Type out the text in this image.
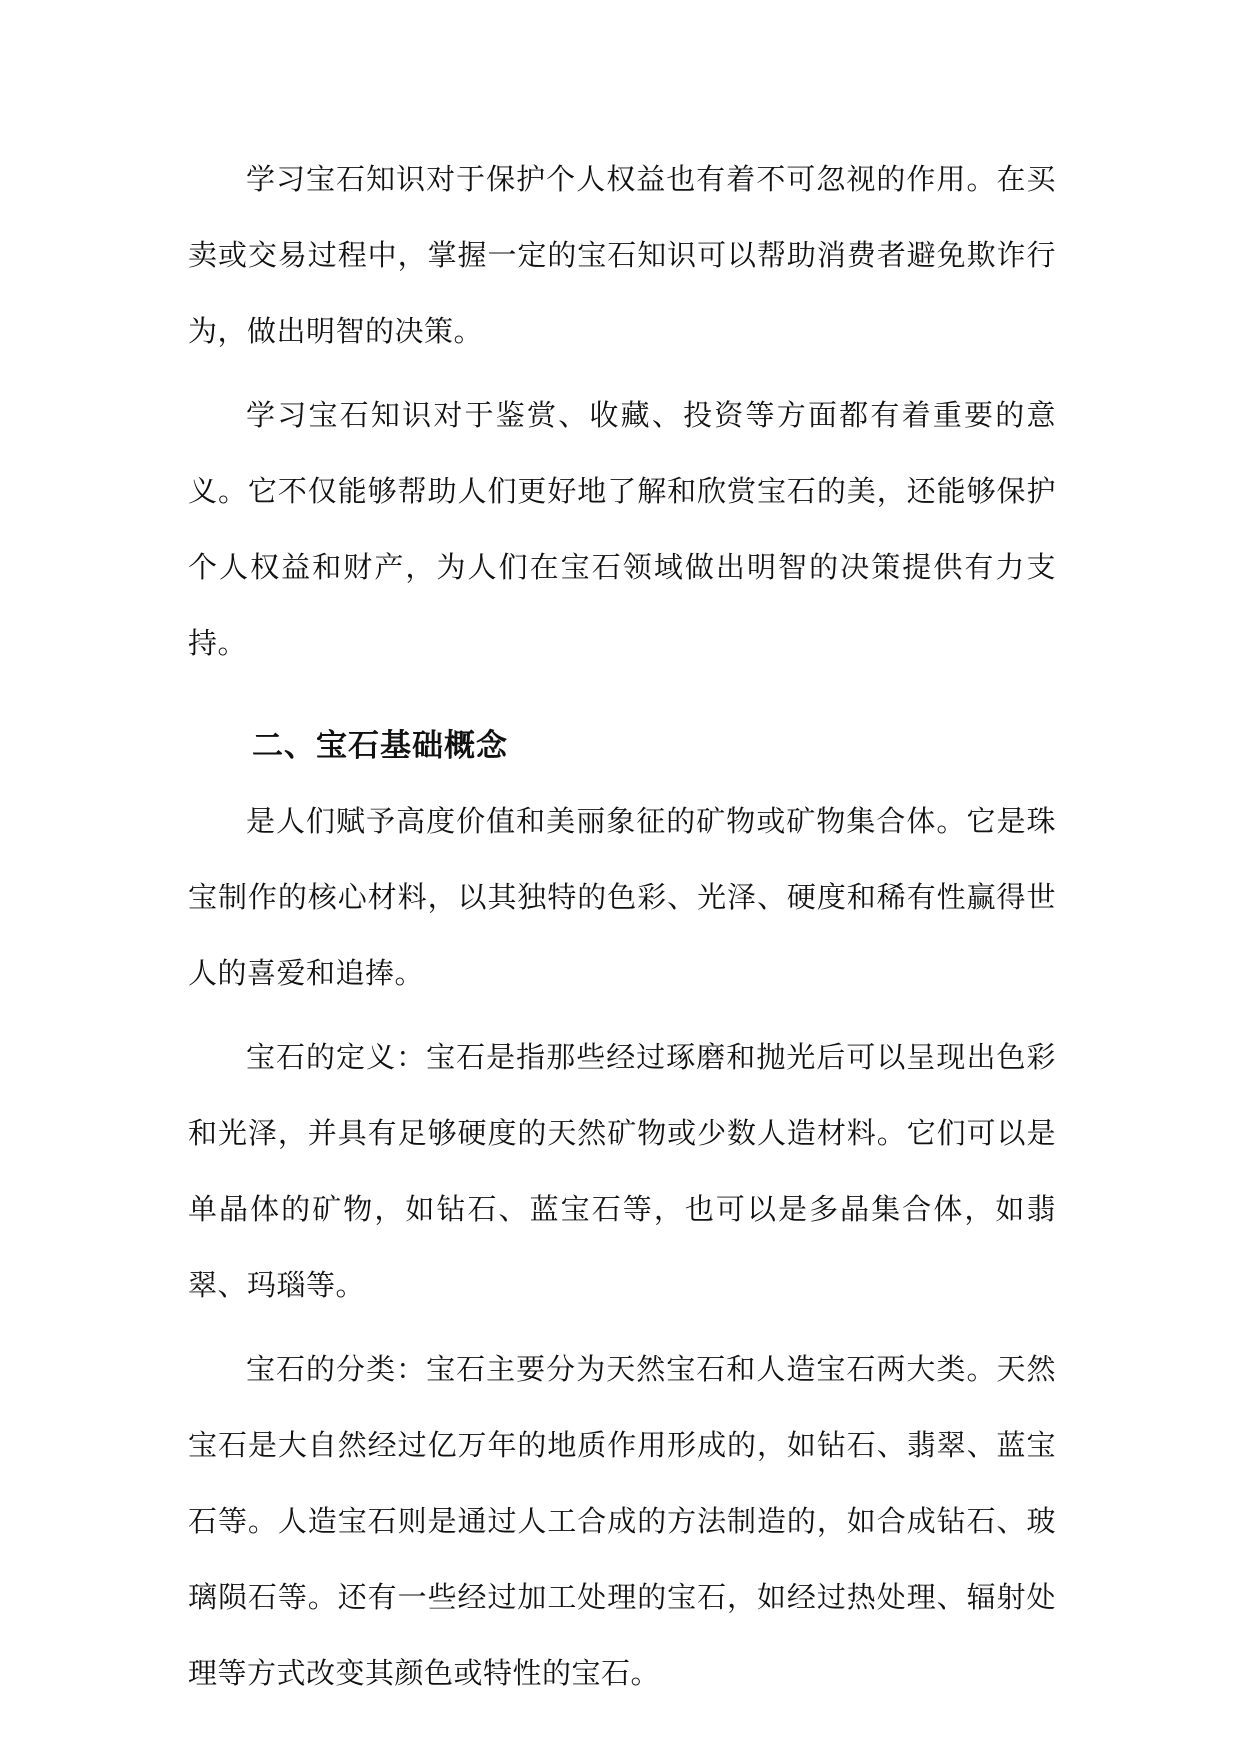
学习宝石知识对于保护个人权益也有着不可忽视的作用。在买卖或交易过程中，掌握一定的宝石知识可以帮助消费者避免欺诈行为，做出明智的决策。

学习宝石知识对于鉴赏、收藏、投资等方面都有着重要的意义。它不仅能够帮助人们更好地了解和欣赏宝石的美，还能够保护个人权益和财产，为人们在宝石领域做出明智的决策提供有力支持。

二、宝石基础概念

是人们赋予高度价值和美丽象征的矿物或矿物集合体。它是珠宝制作的核心材料，以其独特的色彩、光泽、硬度和稀有性赢得世人的喜爱和追捧。

宝石的定义：宝石是指那些经过琢磨和抛光后可以呈现出色彩和光泽，并具有足够硬度的天然矿物或少数人造材料。它们可以是单晶体的矿物，如钻石、蓝宝石等，也可以是多晶集合体，如翡翠、玛瑙等。

宝石的分类：宝石主要分为天然宝石和人造宝石两大类。天然宝石是大自然经过亿万年的地质作用形成的，如钻石、翡翠、蓝宝石等。人造宝石则是通过人工合成的方法制造的，如合成钻石、玻璃陨石等。还有一些经过加工处理的宝石，如经过热处理、辐射处理等方式改变其颜色或特性的宝石。
